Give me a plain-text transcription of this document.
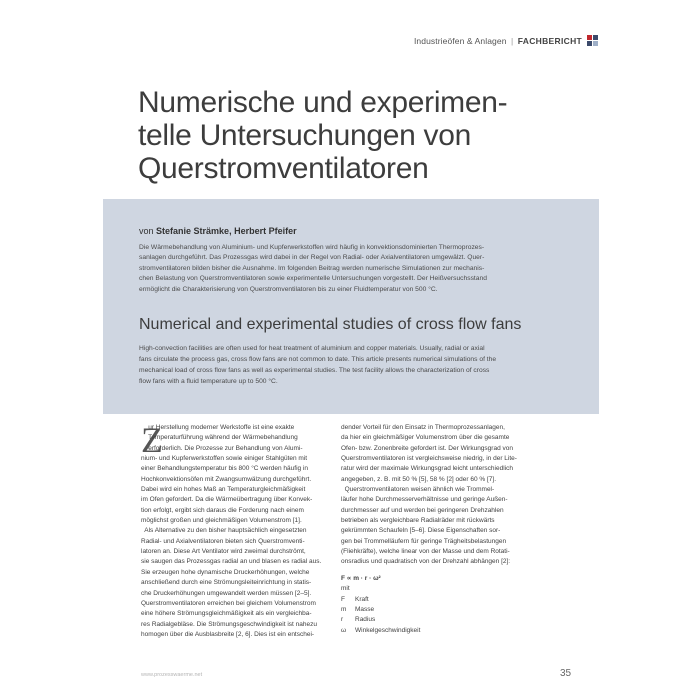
Industrieöfen & Anlagen | FACHBERICHT
Numerische und experimen-
telle Untersuchungen von
Querstromventilatoren
von Stefanie Strämke, Herbert Pfeifer

Die Wärmebehandlung von Aluminium- und Kupferwerkstoffen wird häufig in konvektionsdominierten Thermoprozes-
sanlagen durchgeführt. Das Prozessgas wird dabei in der Regel von Radial- oder Axialventilatoren umgewälzt. Quer-
stromventilatoren bilden bisher die Ausnahme. Im folgenden Beitrag werden numerische Simulationen zur mechanis-
chen Belastung von Querstromventilatoren sowie experimentelle Untersuchungen vorgestellt. Der Heißversuchsstand
ermöglicht die Charakterisierung von Querstromventilatoren bis zu einer Fluidtemperatur von 500 °C.

Numerical and experimental studies of cross flow fans

High-convection facilities are often used for heat treatment of aluminium and copper materials. Usually, radial or axial
fans circulate the process gas, cross flow fans are not common to date. This article presents numerical simulations of the
mechanical load of cross flow fans as well as experimental studies. The test facility allows the characterization of cross
flow fans with a fluid temperature up to 500 °C.

Z
ur Herstellung moderner Werkstoffe ist eine exakte
Temperaturführung während der Wärmebehandlung
erforderlich. Die Prozesse zur Behandlung von Alumi-
nium- und Kupferwerkstoffen sowie einiger Stahlgüten mit
einer Behandlungstemperatur bis 800 °C werden häufig in
Hochkonvektionsöfen mit Zwangsumwälzung durchgeführt.
Dabei wird ein hohes Maß an Temperaturgleichmäßigkeit
im Ofen gefordert. Da die Wärmeübertragung über Konvek-
tion erfolgt, ergibt sich daraus die Forderung nach einem
möglichst großen und gleichmäßigen Volumenstrom [1].
Als Alternative zu den bisher hauptsächlich eingesetzten
Radial- und Axialventilatoren bieten sich Querstromventi-
latoren an. Diese Art Ventilator wird zweimal durchströmt,
sie saugen das Prozessgas radial an und blasen es radial aus.
Sie erzeugen hohe dynamische Druckerhöhungen, welche
anschließend durch eine Strömungsleiteinrichtung in statis-
che Druckerhöhungen umgewandelt werden müssen [2–5].
Querstromventilatoren erreichen bei gleichem Volumenstrom
eine höhere Strömungsgleichmäßigkeit als ein vergleichba-
res Radialgebläse. Die Strömungsgeschwindigkeit ist nahezu
homogen über die Ausblasbreite [2, 6]. Dies ist ein entschei-
dender Vorteil für den Einsatz in Thermoprozessanlagen,
da hier ein gleichmäßiger Volumenstrom über die gesamte
Ofen- bzw. Zonenbreite gefordert ist. Der Wirkungsgrad von
Querstromventilatoren ist vergleichsweise niedrig, in der Lite-
ratur wird der maximale Wirkungsgrad leicht unterschiedlich
angegeben, z. B. mit 50 % [5], 58 % [2] oder 60 % [7].
Querstromventilatoren weisen ähnlich wie Trommel-
läufer hohe Durchmesserverhältnisse und geringe Außen-
durchmesser auf und werden bei geringeren Drehzahlen
betrieben als vergleichbare Radialräder mit rückwärts
gekrümmten Schaufeln [5–6]. Diese Eigenschaften sor-
gen bei Trommelläufern für geringe Trägheitsbelastungen
(Fliehkräfte), welche linear von der Masse und dem Rotati-
onsradius und quadratisch von der Drehzahl abhängen [2]:
F ∝ m · r · ω²
mit
F Kraft
m Masse
r Radius
ω Winkelgeschwindigkeit
www.prozesswaerme.net	35
